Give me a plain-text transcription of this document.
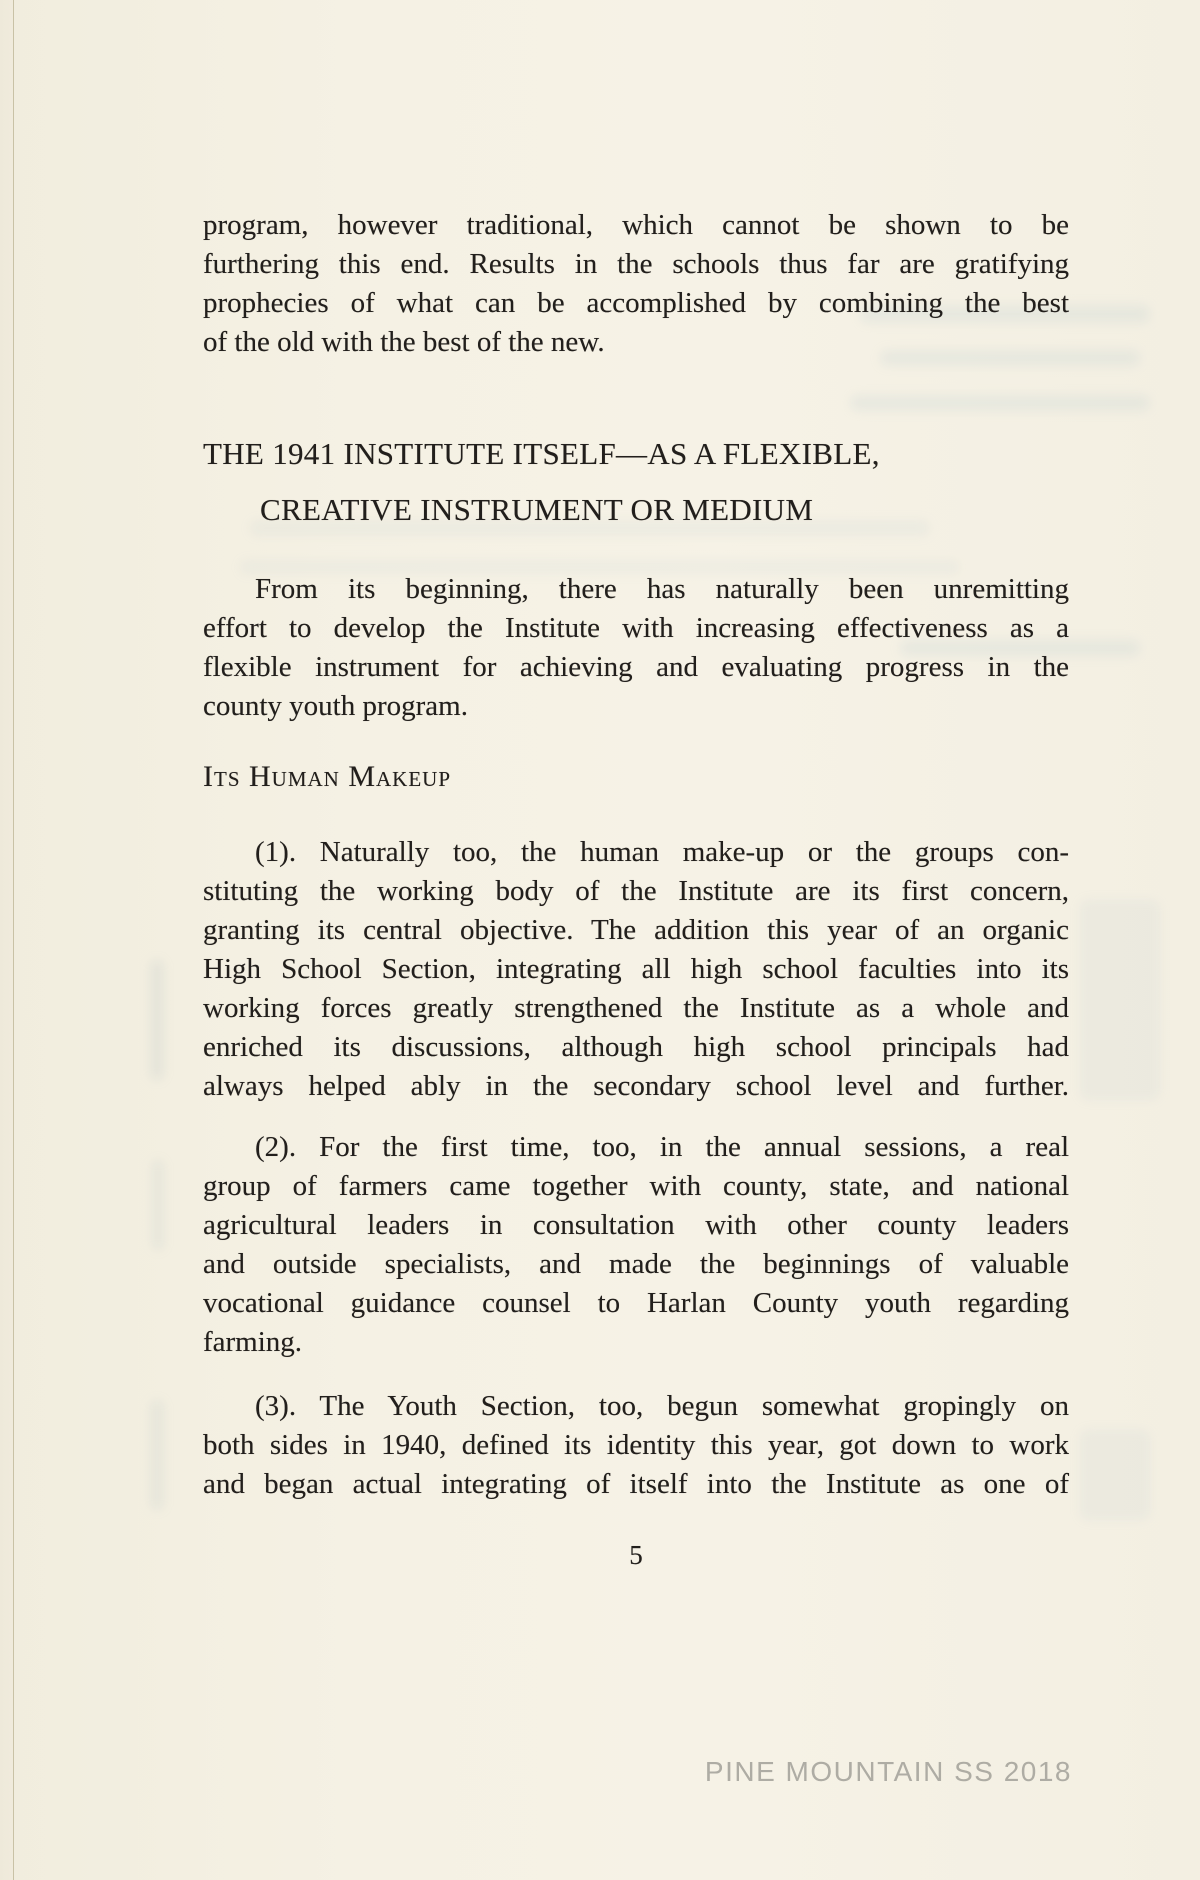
program, however traditional, which cannot be shown to be
furthering this end. Results in the schools thus far are gratifying
prophecies of what can be accomplished by combining the best
of the old with the best of the new.
THE 1941 INSTITUTE ITSELF—AS A FLEXIBLE,
CREATIVE INSTRUMENT OR MEDIUM
From its beginning, there has naturally been unremitting
effort to develop the Institute with increasing effectiveness as a
flexible instrument for achieving and evaluating progress in the
county youth program.
Its Human Makeup
(1). Naturally too, the human make-up or the groups con-
stituting the working body of the Institute are its first concern,
granting its central objective. The addition this year of an organic
High School Section, integrating all high school faculties into its
working forces greatly strengthened the Institute as a whole and
enriched its discussions, although high school principals had
always helped ably in the secondary school level and further.
(2). For the first time, too, in the annual sessions, a real
group of farmers came together with county, state, and national
agricultural leaders in consultation with other county leaders
and outside specialists, and made the beginnings of valuable
vocational guidance counsel to Harlan County youth regarding
farming.
(3). The Youth Section, too, begun somewhat gropingly on
both sides in 1940, defined its identity this year, got down to work
and began actual integrating of itself into the Institute as one of
5
PINE MOUNTAIN SS 2018
